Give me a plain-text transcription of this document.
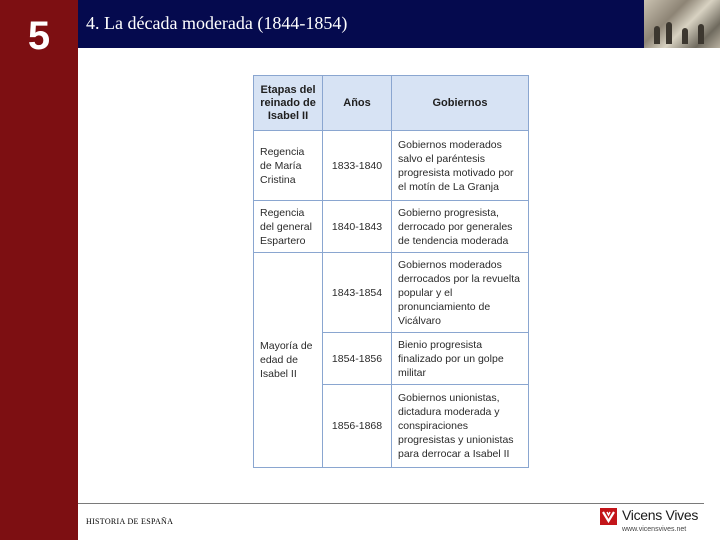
5	4. La década moderada (1844-1854)
Etapas del reinado de Isabel II	Años	Gobiernos
Regencia de María Cristina	1833-1840	Gobiernos moderados salvo el paréntesis progresista motivado por el motín de La Granja
Regencia del general Espartero	1840-1843	Gobierno progresista, derrocado por generales de tendencia moderada
Mayoría de edad de Isabel II	1843-1854	Gobiernos moderados derrocados por la revuelta popular y el pronunciamiento de Vicálvaro
	1854-1856	Bienio progresista finalizado por un golpe militar
	1856-1868	Gobiernos unionistas, dictadura moderada y conspiraciones progresistas y unionistas para derrocar a Isabel II
HISTORIA DE ESPAÑA	Vicens Vives
www.vicensvives.net
